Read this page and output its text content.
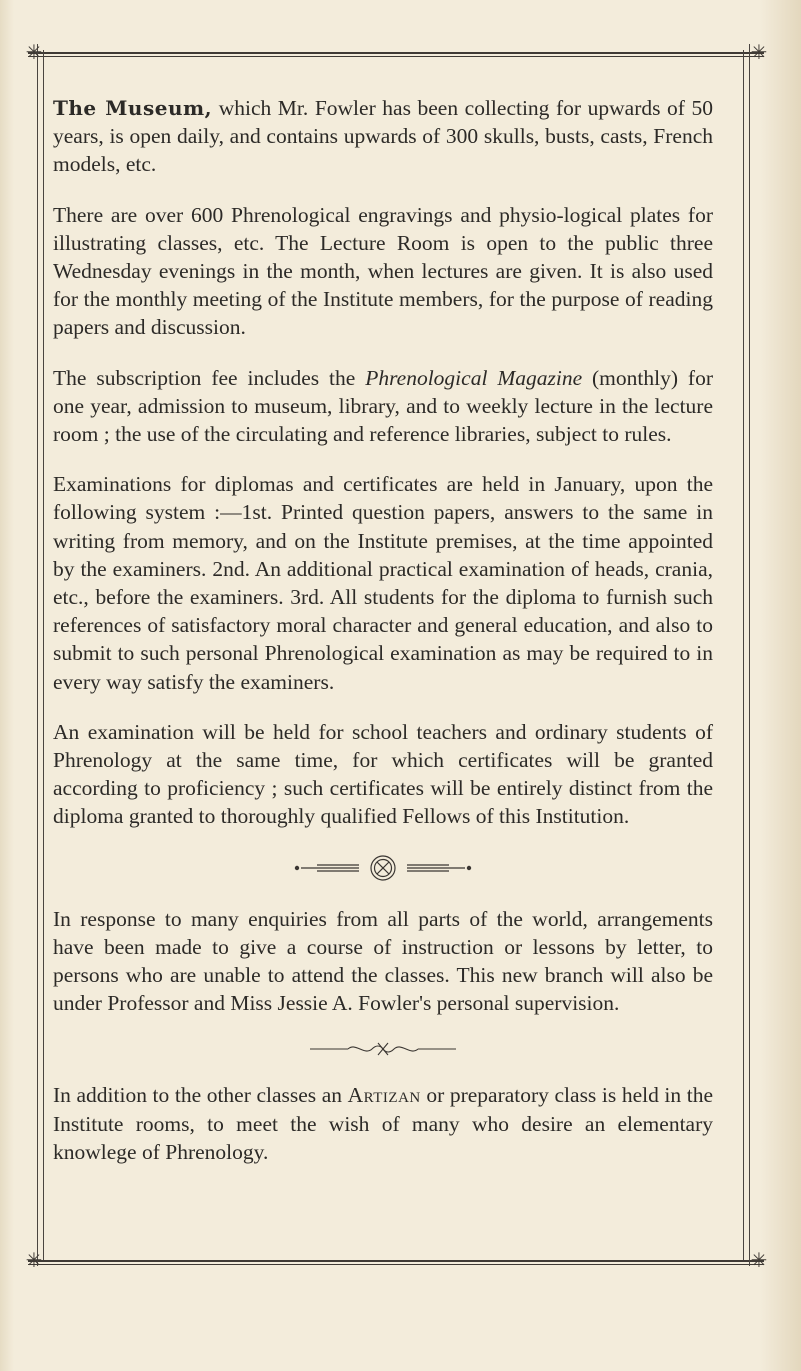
✳	✳
✳	✳

The Museum, which Mr. Fowler has been collecting for upwards of 50 years, is open daily, and contains upwards of 300 skulls, busts, casts, French models, etc.

There are over 600 Phrenological engravings and physio-logical plates for illustrating classes, etc. The Lecture Room is open to the public three Wednesday evenings in the month, when lectures are given. It is also used for the monthly meeting of the Institute members, for the purpose of reading papers and discussion.

The subscription fee includes the Phrenological Magazine (monthly) for one year, admission to museum, library, and to weekly lecture in the lecture room ; the use of the circulating and reference libraries, subject to rules.

Examinations for diplomas and certificates are held in January, upon the following system :—1st. Printed question papers, answers to the same in writing from memory, and on the Institute premises, at the time appointed by the examiners. 2nd. An additional practical examination of heads, crania, etc., before the examiners. 3rd. All students for the diploma to furnish such references of satisfactory moral character and general education, and also to submit to such personal Phrenological examination as may be required to in every way satisfy the examiners.

An examination will be held for school teachers and ordinary students of Phrenology at the same time, for which certificates will be granted according to proficiency ; such certificates will be entirely distinct from the diploma granted to thoroughly qualified Fellows of this Institution.

In response to many enquiries from all parts of the world, arrangements have been made to give a course of instruction or lessons by letter, to persons who are unable to attend the classes. This new branch will also be under Professor and Miss Jessie A. Fowler's personal supervision.

In addition to the other classes an Artizan or preparatory class is held in the Institute rooms, to meet the wish of many who desire an elementary knowlege of Phrenology.
